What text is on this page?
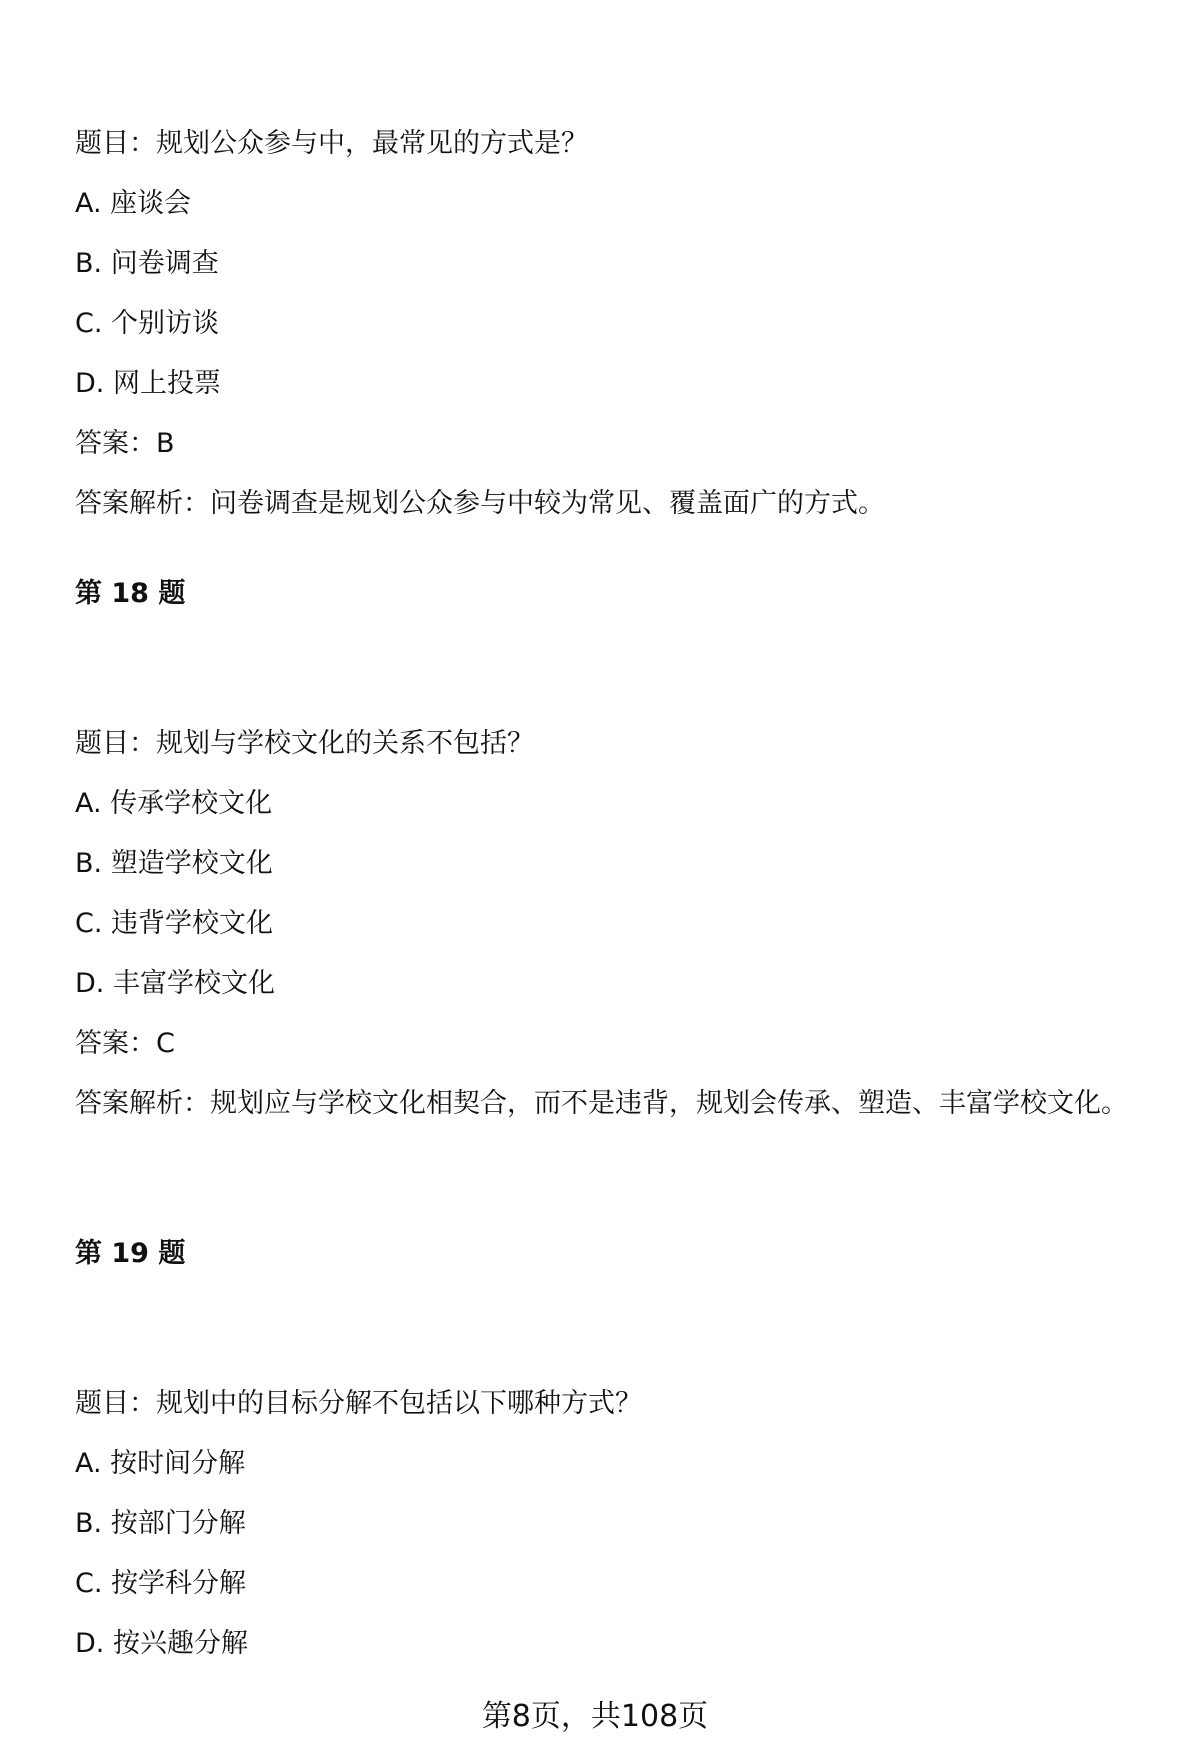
题目：规划公众参与中，最常见的方式是？
A. 座谈会
B. 问卷调查
C. 个别访谈
D. 网上投票
答案：B
答案解析：问卷调查是规划公众参与中较为常见、覆盖面广的方式。
第 18 题
题目：规划与学校文化的关系不包括？
A. 传承学校文化
B. 塑造学校文化
C. 违背学校文化
D. 丰富学校文化
答案：C
答案解析：规划应与学校文化相契合，而不是违背，规划会传承、塑造、丰富学校文化。
第 19 题
题目：规划中的目标分解不包括以下哪种方式？
A. 按时间分解
B. 按部门分解
C. 按学科分解
D. 按兴趣分解
第8页，共108页
